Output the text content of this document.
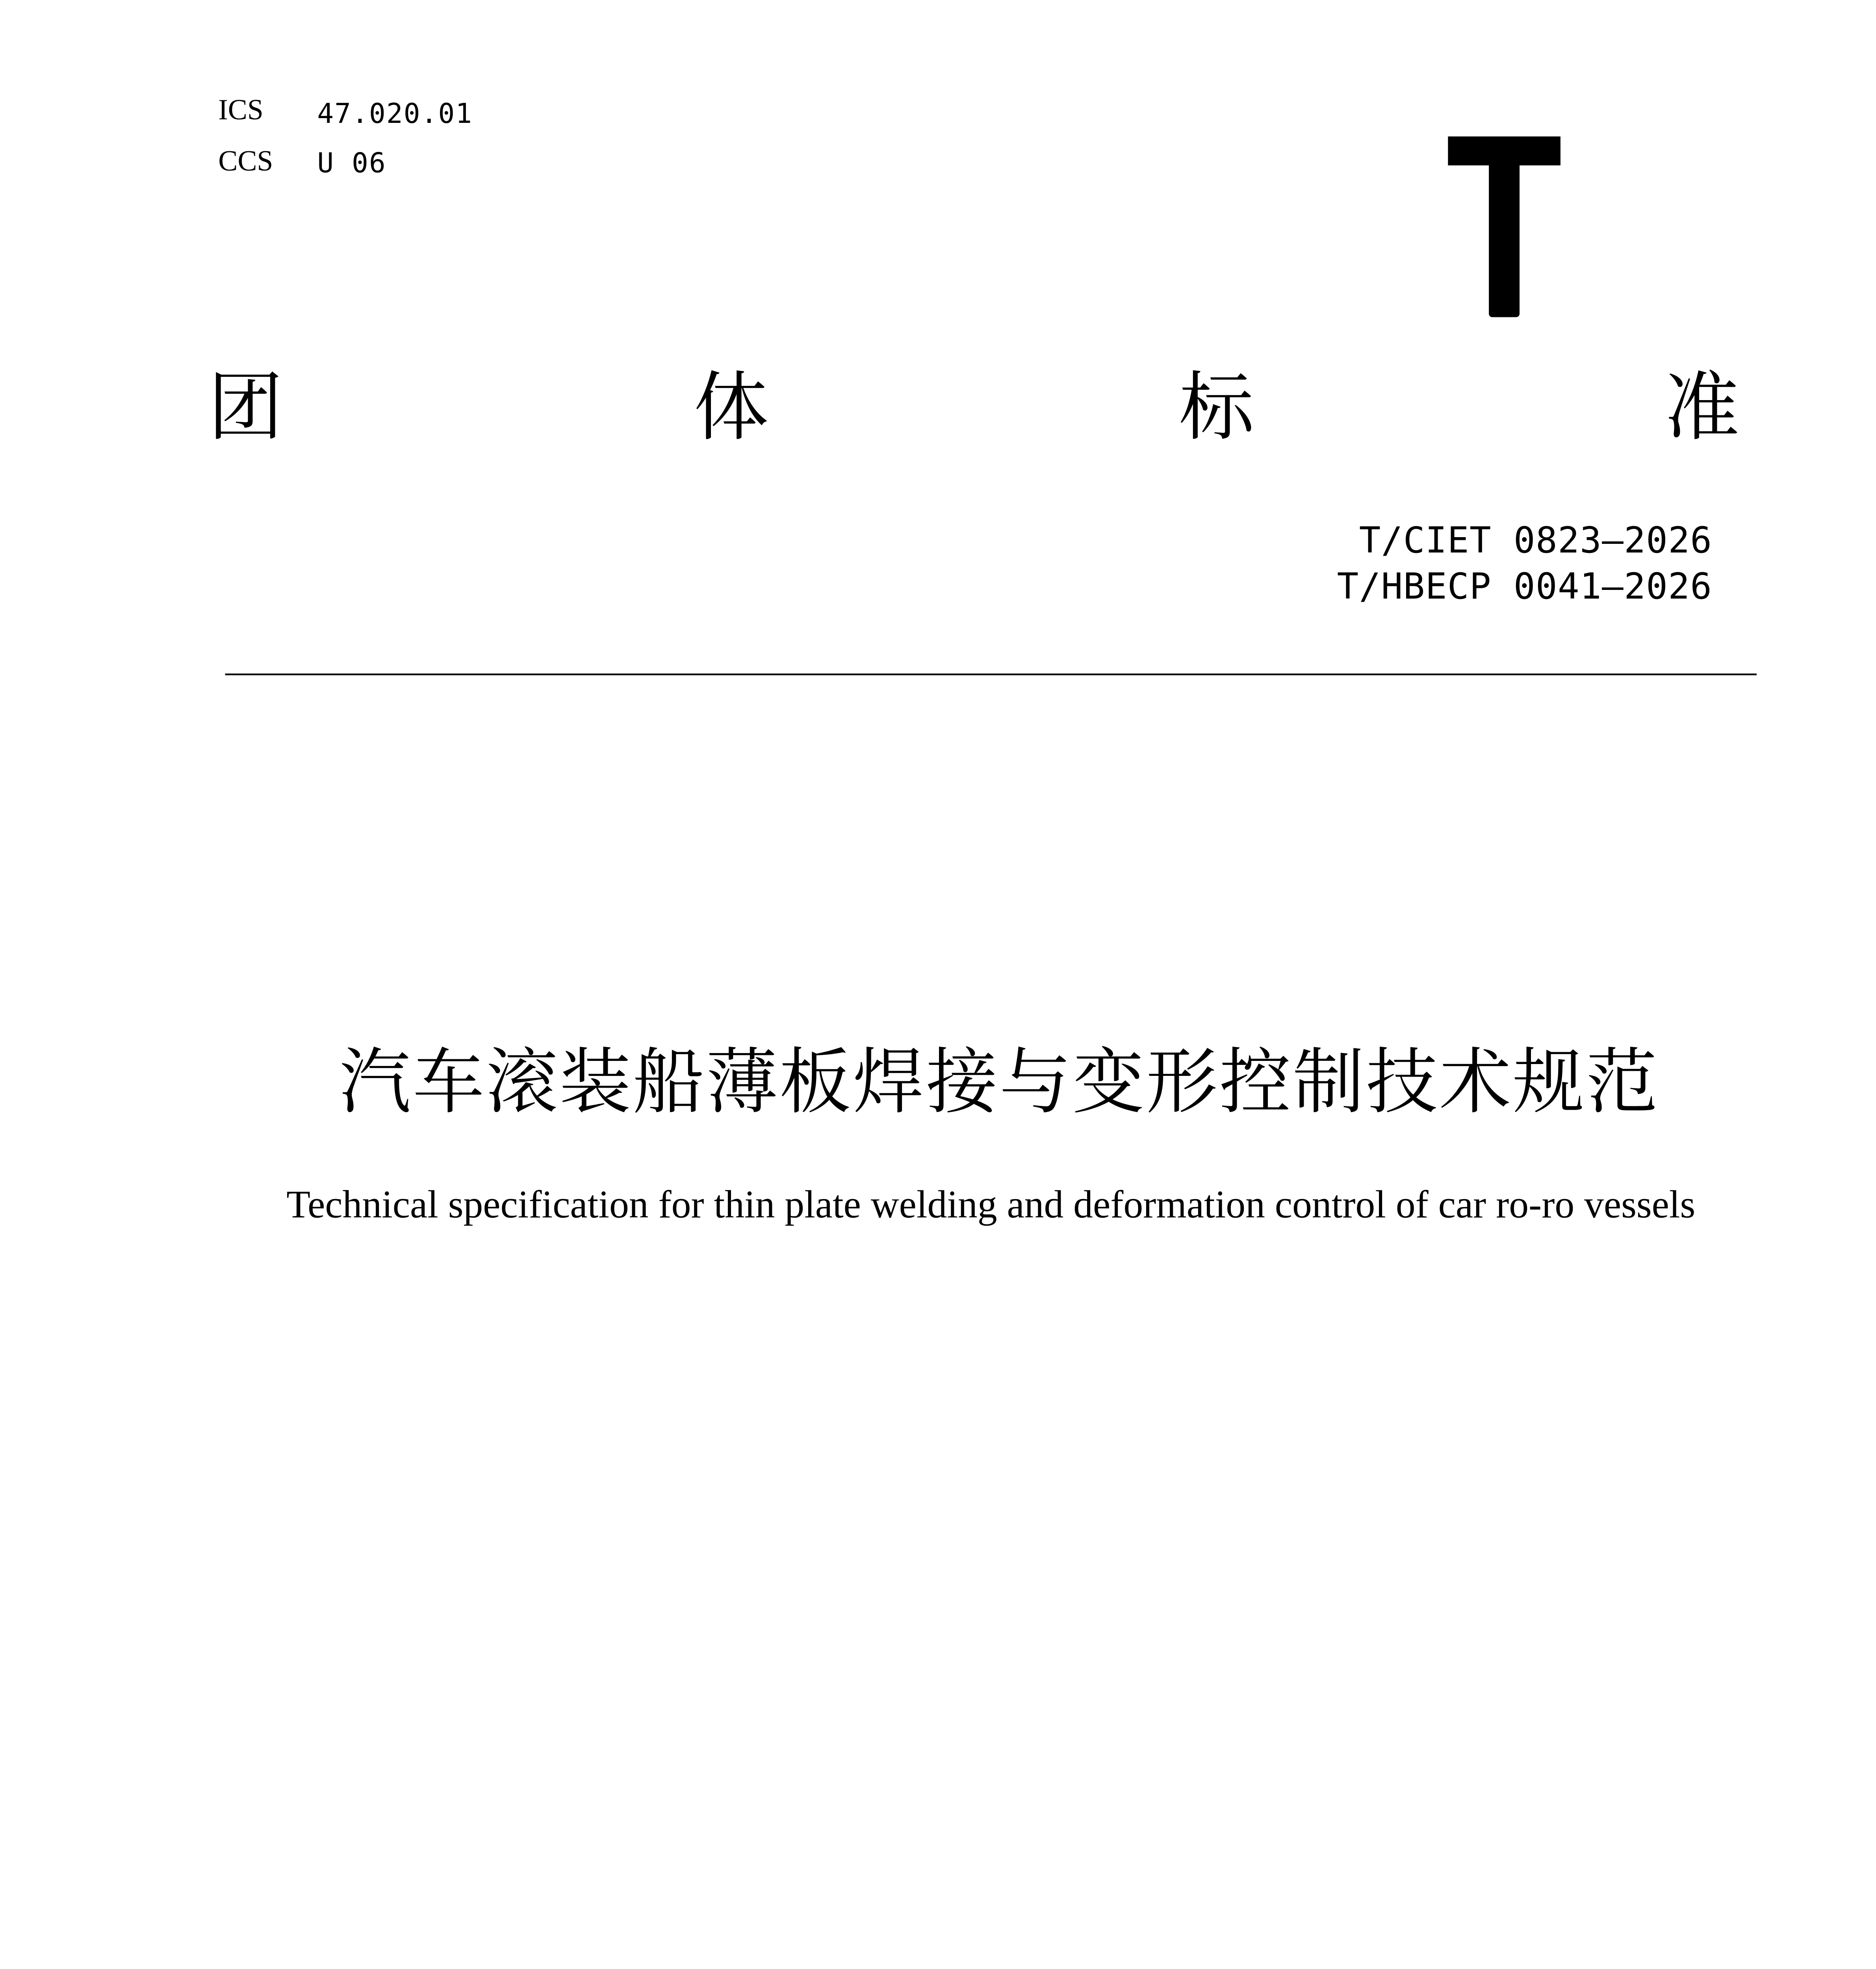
ICS	47.020.01
CCS	U 06
团	体	标	准
T/CIET 0823—2026
T/HBECP 0041—2026
汽车滚装船薄板焊接与变形控制技术规范
Technical specification for thin plate welding and deformation control of car ro-ro vessels
